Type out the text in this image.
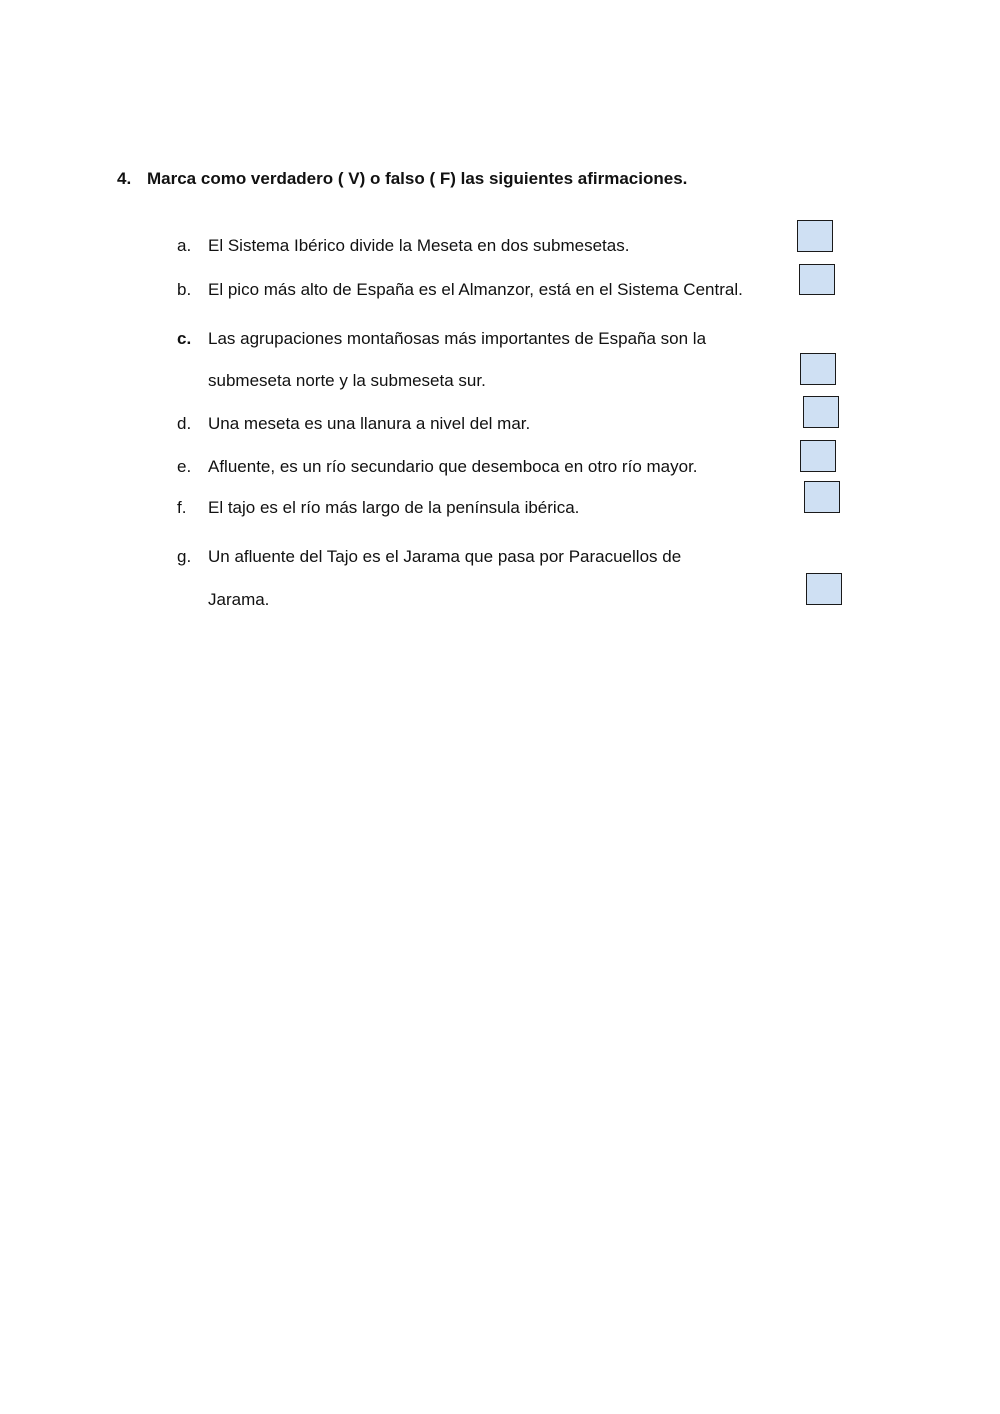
4. Marca como verdadero ( V) o falso ( F) las siguientes afirmaciones.
a. El Sistema Ibérico divide la Meseta en dos submesetas.
b. El pico más alto de España es el Almanzor, está en el Sistema Central.
c. Las agrupaciones montañosas más importantes de España son la
submeseta norte y la submeseta sur.
d. Una meseta es una llanura a nivel del mar.
e. Afluente, es un río secundario que desemboca en otro río mayor.
f. El tajo es el río más largo de la península ibérica.
g. Un afluente del Tajo es el Jarama que pasa por Paracuellos de
Jarama.
